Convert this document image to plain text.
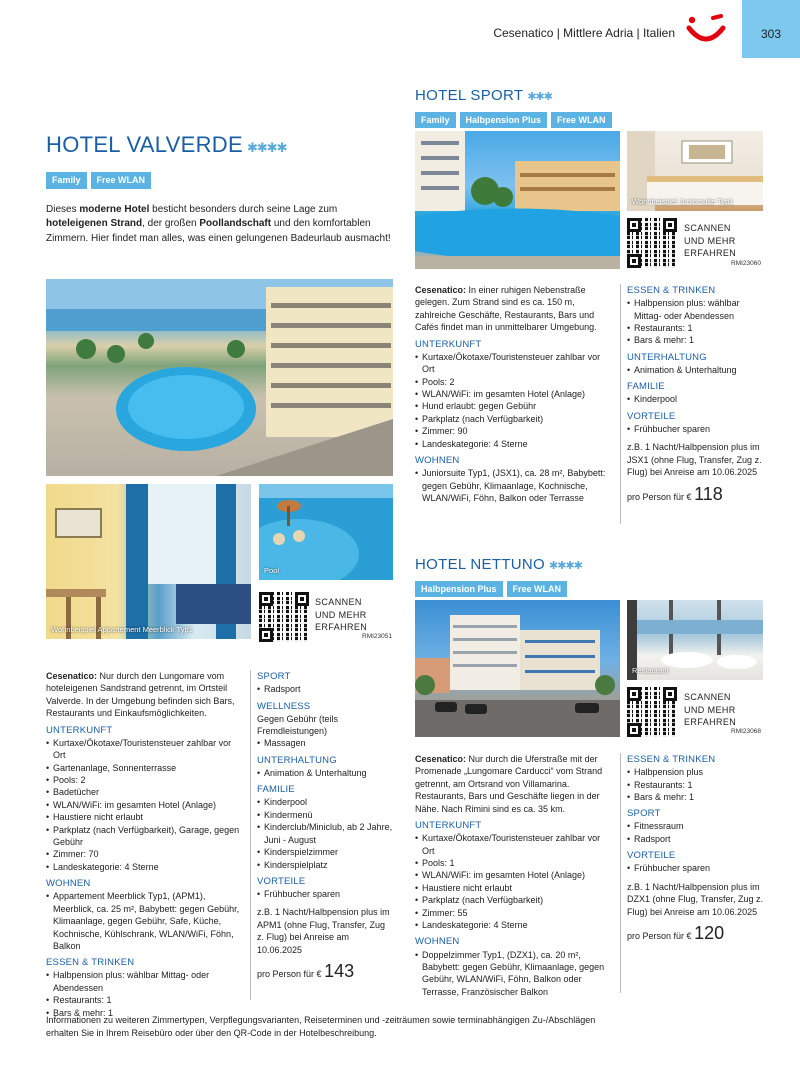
Cesenatico | Mittlere Adria | Italien	303
HOTEL VALVERDE ✱✱✱✱
Family Free WLAN
Dieses moderne Hotel besticht besonders durch seine Lage zum hoteleigenen Strand, der großen Poollandschaft und den komfortablen Zimmern. Hier findet man alles, was einen gelungenen Badeurlaub ausmacht!
Wohnbeispiel Appartement Meerblick Typ1
Pool
SCANNEN
UND MEHR
ERFAHREN
RMI23051
Cesenatico: Nur durch den Lungomare vom hoteleigenen Sandstrand getrennt, im Ortsteil Valverde. In der Umgebung befinden sich Bars, Restaurants und Einkaufsmöglichkeiten.
UNTERKUNFT
• Kurtaxe/Ökotaxe/Touristensteuer zahlbar vor Ort
• Gartenanlage, Sonnenterrasse
• Pools: 2
• Badetücher
• WLAN/WiFi: im gesamten Hotel (Anlage)
• Haustiere nicht erlaubt
• Parkplatz (nach Verfügbarkeit), Garage, gegen Gebühr
• Zimmer: 70
• Landeskategorie: 4 Sterne
WOHNEN
• Appartement Meerblick Typ1, (APM1), Meerblick, ca. 25 m², Babybett: gegen Gebühr, Klimaanlage, gegen Gebühr, Safe, Küche, Kochnische, Kühlschrank, WLAN/WiFi, Föhn, Balkon
ESSEN & TRINKEN
• Halbpension plus: wählbar Mittag- oder Abendessen
• Restaurants: 1
• Bars & mehr: 1
SPORT
• Radsport
WELLNESS
Gegen Gebühr (teils Fremdleistungen)
• Massagen
UNTERHALTUNG
• Animation & Unterhaltung
FAMILIE
• Kinderpool
• Kindermenü
• Kinderclub/Miniclub, ab 2 Jahre, Juni - August
• Kinderspielzimmer
• Kinderspielplatz
VORTEILE
• Frühbucher sparen
z.B. 1 Nacht/Halbpension plus im APM1 (ohne Flug, Transfer, Zug z. Flug) bei Anreise am 10.06.2025
pro Person für € 143
HOTEL SPORT ✱✱✱
Family Halbpension Plus Free WLAN
Wohnbeispiel Juniorsuite Typ1
SCANNEN
UND MEHR
ERFAHREN
RMI23060
Cesenatico: In einer ruhigen Nebenstraße gelegen. Zum Strand sind es ca. 150 m, zahlreiche Geschäfte, Restaurants, Bars und Cafés findet man in unmittelbarer Umgebung.
UNTERKUNFT
• Kurtaxe/Ökotaxe/Touristensteuer zahlbar vor Ort
• Pools: 2
• WLAN/WiFi: im gesamten Hotel (Anlage)
• Hund erlaubt: gegen Gebühr
• Parkplatz (nach Verfügbarkeit)
• Zimmer: 90
• Landeskategorie: 4 Sterne
WOHNEN
• Juniorsuite Typ1, (JSX1), ca. 28 m², Babybett: gegen Gebühr, Klimaanlage, Kochnische, WLAN/WiFi, Föhn, Balkon oder Terrasse
ESSEN & TRINKEN
• Halbpension plus: wählbar Mittag- oder Abendessen
• Restaurants: 1
• Bars & mehr: 1
UNTERHALTUNG
• Animation & Unterhaltung
FAMILIE
• Kinderpool
VORTEILE
• Frühbucher sparen
z.B. 1 Nacht/Halbpension plus im JSX1 (ohne Flug, Transfer, Zug z. Flug) bei Anreise am 10.06.2025
pro Person für € 118
HOTEL NETTUNO ✱✱✱✱
Halbpension Plus Free WLAN
Restaurant
SCANNEN
UND MEHR
ERFAHREN
RMI23068
Cesenatico: Nur durch die Uferstraße mit der Promenade „Lungomare Carducci“ vom Strand getrennt, am Ortsrand von Villamarina. Restaurants, Bars und Geschäfte liegen in der Nähe. Nach Rimini sind es ca. 35 km.
UNTERKUNFT
• Kurtaxe/Ökotaxe/Touristensteuer zahlbar vor Ort
• Pools: 1
• WLAN/WiFi: im gesamten Hotel (Anlage)
• Haustiere nicht erlaubt
• Parkplatz (nach Verfügbarkeit)
• Zimmer: 55
• Landeskategorie: 4 Sterne
WOHNEN
• Doppelzimmer Typ1, (DZX1), ca. 20 m², Babybett: gegen Gebühr, Klimaanlage, gegen Gebühr, WLAN/WiFi, Föhn, Balkon oder Terrasse, Französischer Balkon
ESSEN & TRINKEN
• Halbpension plus
• Restaurants: 1
• Bars & mehr: 1
SPORT
• Fitnessraum
• Radsport
VORTEILE
• Frühbucher sparen
z.B. 1 Nacht/Halbpension plus im DZX1 (ohne Flug, Transfer, Zug z. Flug) bei Anreise am 10.06.2025
pro Person für € 120
Informationen zu weiteren Zimmertypen, Verpflegungsvarianten, Reiseterminen und -zeiträumen sowie terminabhängigen Zu-/Abschlägen erhalten Sie in Ihrem Reisebüro oder über den QR-Code in der Hotelbeschreibung.
